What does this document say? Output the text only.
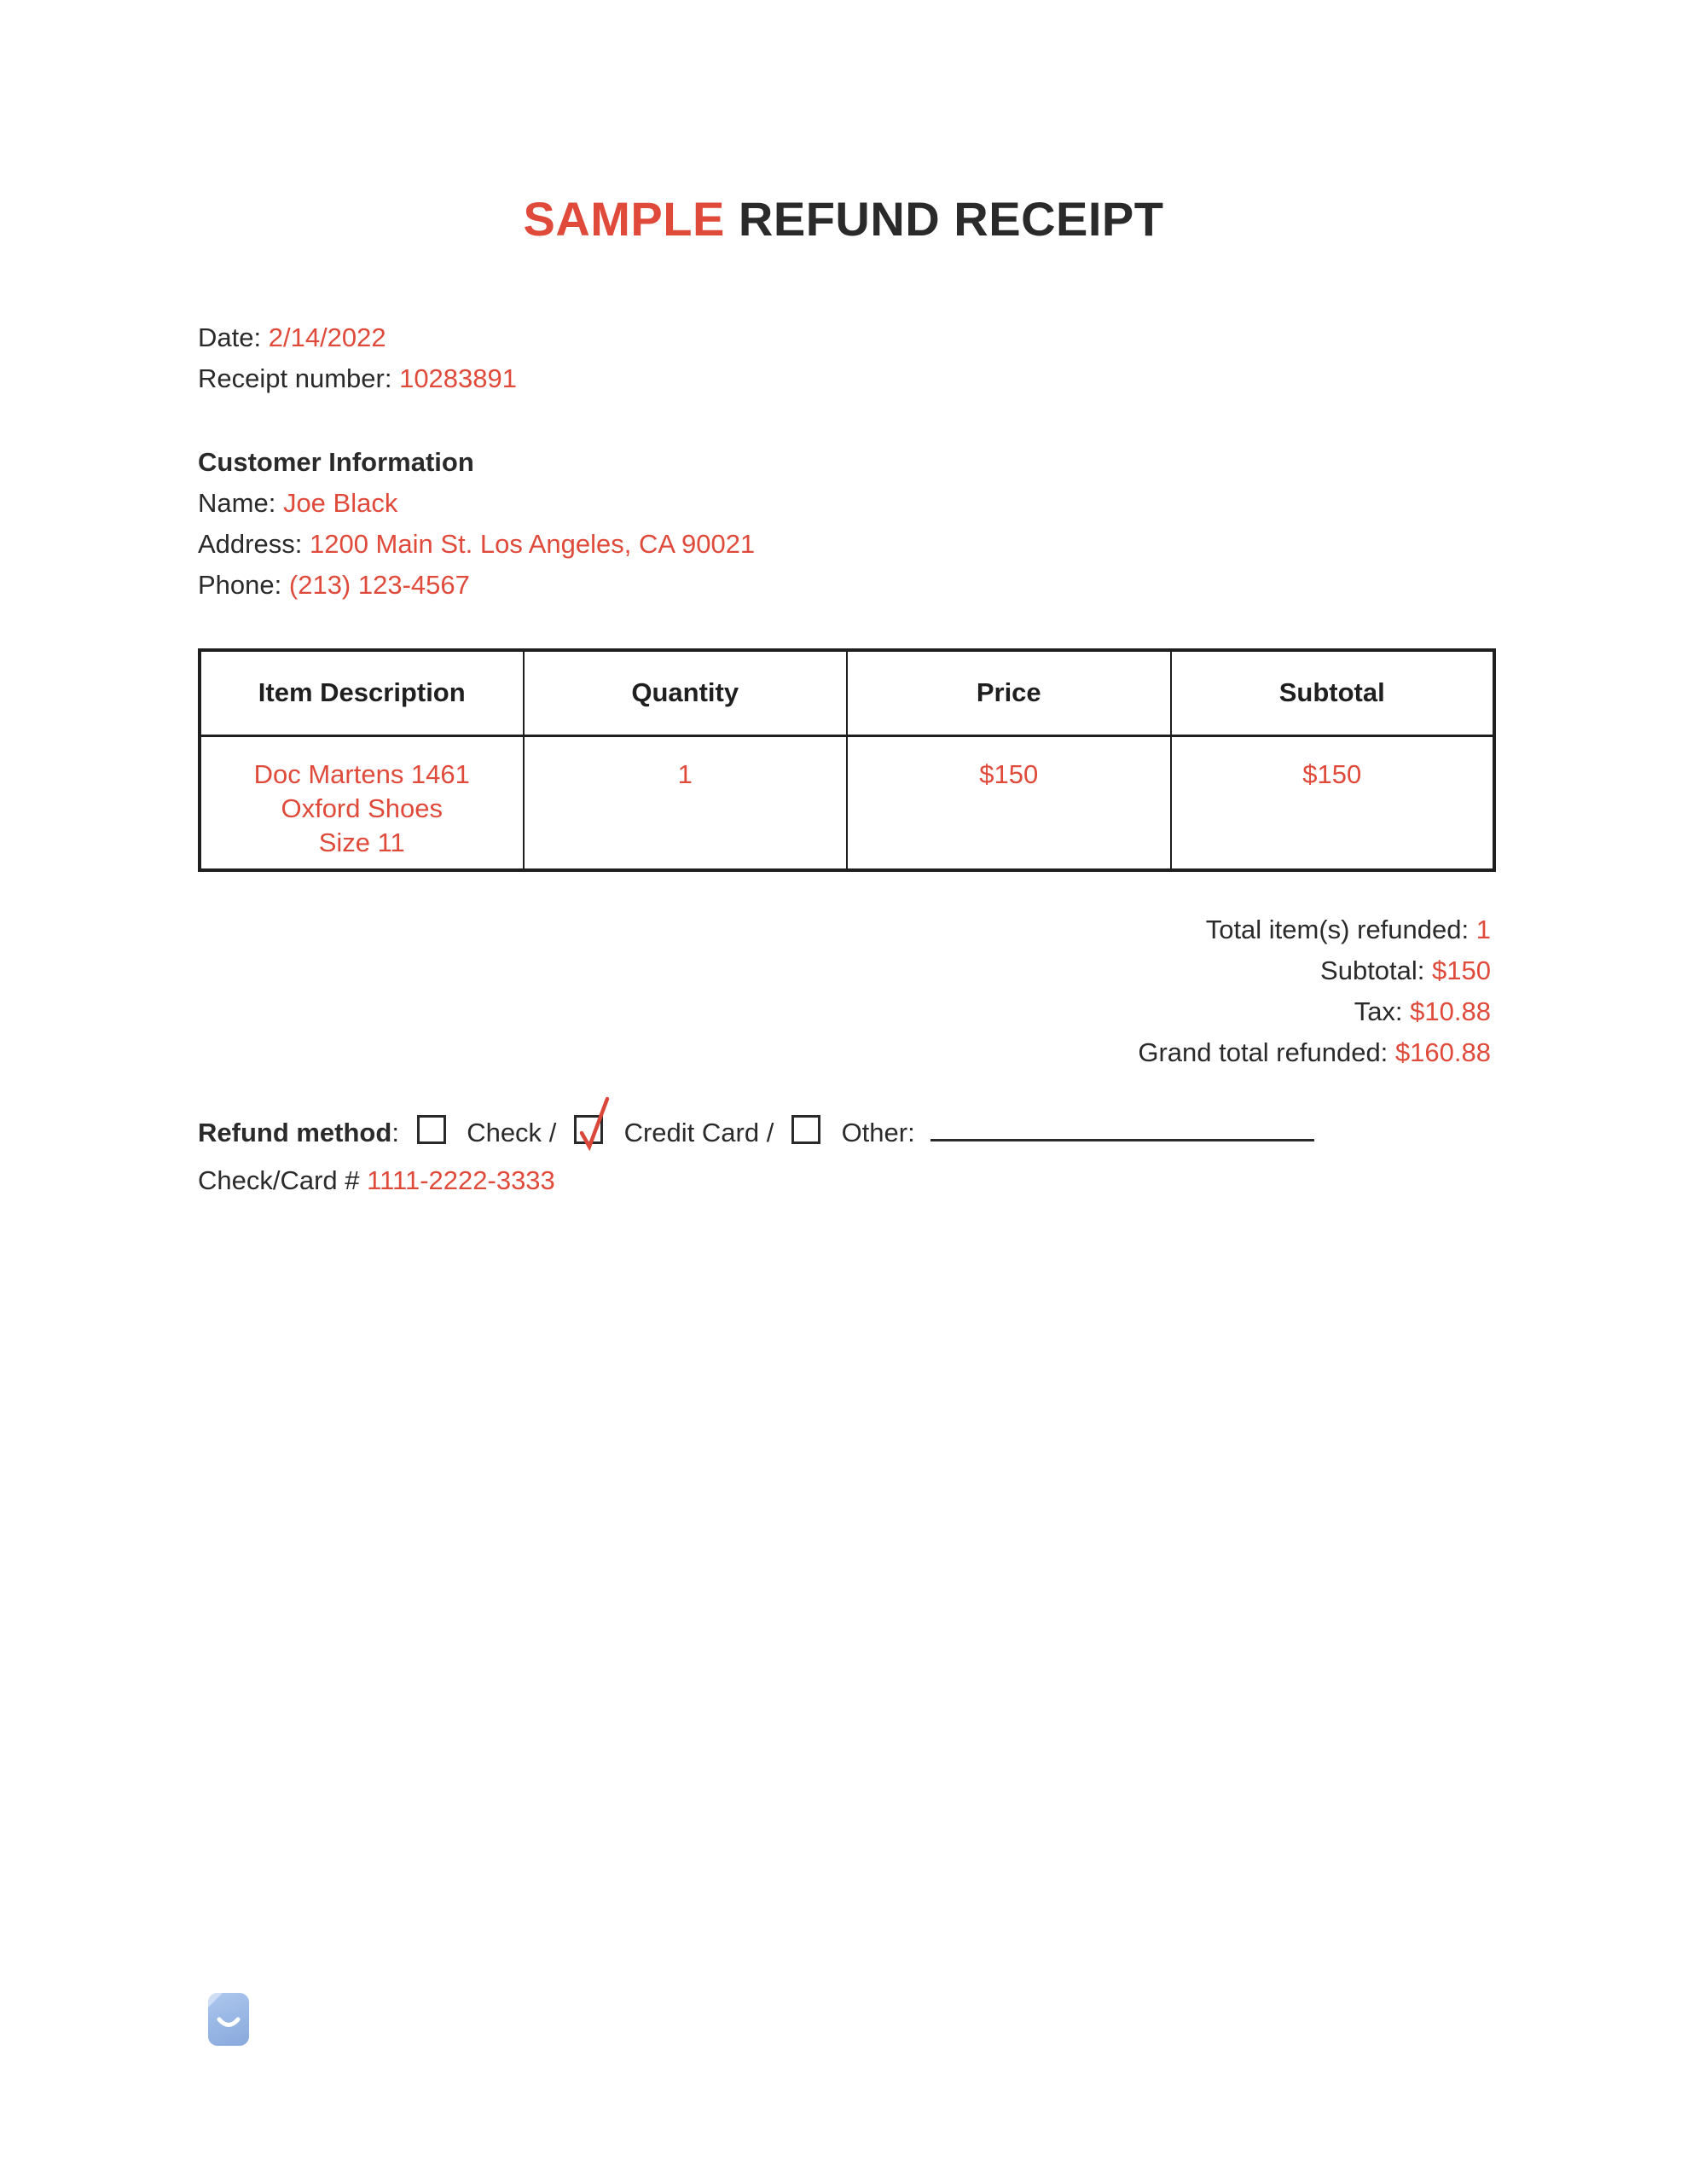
SAMPLE REFUND RECEIPT
Date: 2/14/2022
Receipt number: 10283891
Customer Information
Name: Joe Black
Address: 1200 Main St. Los Angeles, CA 90021
Phone: (213) 123-4567
Item Description	Quantity	Price	Subtotal

Doc Martens 1461
Oxford Shoes
Size 11	1	$150	$150
Total item(s) refunded: 1
Subtotal: $150
Tax: $10.88
Grand total refunded: $160.88
Refund method:	Check /	Credit Card /	Other:
Check/Card # 1111-2222-3333
